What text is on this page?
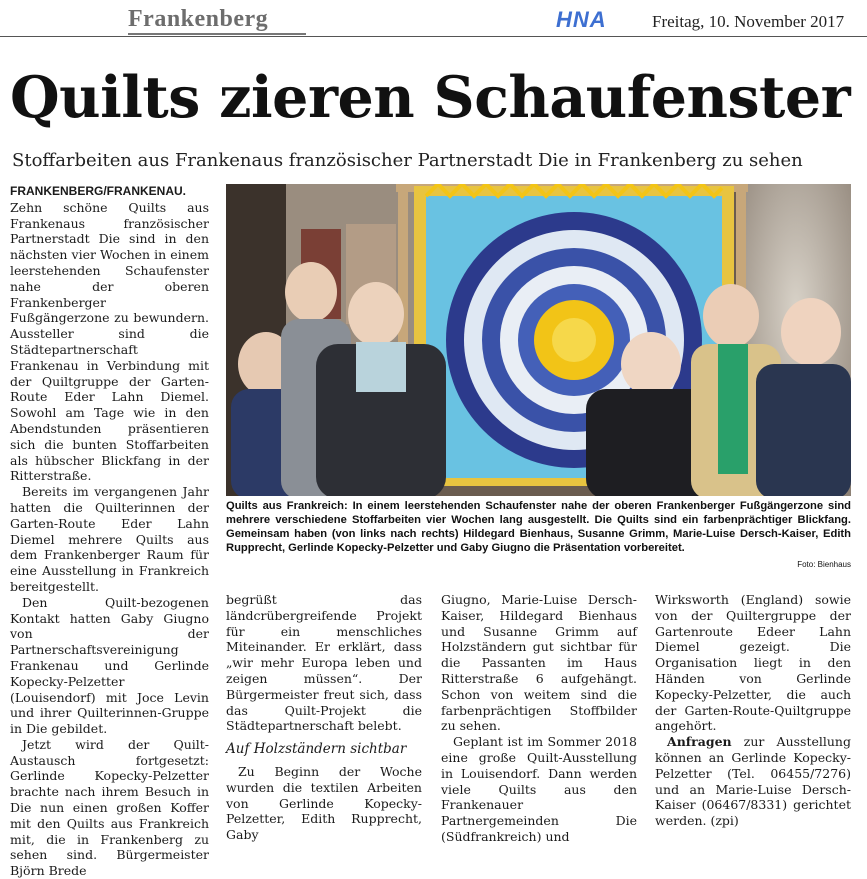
Frankenberg	HNA	Freitag, 10. November 2017
Quilts zieren Schaufenster
Stoffarbeiten aus Frankenaus französischer Partnerstadt Die in Frankenberg zu sehen

FRANKENBERG/FRANKENAU. Zehn schöne Quilts aus Frankenaus französischer Partnerstadt Die sind in den nächsten vier Wochen in einem leerstehenden Schaufenster nahe der oberen Frankenberger Fußgängerzone zu bewundern. Aussteller sind die Städtepartnerschaft Frankenau in Verbindung mit der Quiltgruppe der Garten-Route Eder Lahn Diemel. Sowohl am Tage wie in den Abendstunden präsentieren sich die bunten Stoffarbeiten als hübscher Blickfang in der Ritterstraße.

Bereits im vergangenen Jahr hatten die Quilterinnen der Garten-Route Eder Lahn Diemel mehrere Quilts aus dem Frankenberger Raum für eine Ausstellung in Frankreich bereitgestellt.

Den Quilt-bezogenen Kontakt hatten Gaby Giugno von der Partnerschaftsvereinigung Frankenau und Gerlinde Kopecky-Pelzetter (Louisendorf) mit Joce Levin und ihrer Quilterinnen-Gruppe in Die gebildet.

Jetzt wird der Quilt-Austausch fortgesetzt: Gerlinde Kopecky-Pelzetter brachte nach ihrem Besuch in Die nun einen großen Koffer mit den Quilts aus Frankreich mit, die in Frankenberg zu sehen sind. Bürgermeister Björn Brede

Quilts aus Frankreich: In einem leerstehenden Schaufenster nahe der oberen Frankenberger Fußgängerzone sind mehrere verschiedene Stoffarbeiten vier Wochen lang ausgestellt. Die Quilts sind ein farbenprächtiger Blickfang. Gemeinsam haben (von links nach rechts) Hildegard Bienhaus, Susanne Grimm, Marie-Luise Dersch-Kaiser, Edith Rupprecht, Gerlinde Kopecky-Pelzetter und Gaby Giugno die Präsentation vorbereitet.

Foto: Bienhaus

begrüßt das ländcrübergreifende Projekt für ein menschliches Miteinander. Er erklärt, dass „wir mehr Europa leben und zeigen müssen“. Der Bürgermeister freut sich, dass das Quilt-Projekt die Städtepartnerschaft belebt.

Auf Holzständern sichtbar

Zu Beginn der Woche wurden die textilen Arbeiten von Gerlinde Kopecky-Pelzetter, Edith Rupprecht, Gaby

Giugno, Marie-Luise Dersch-Kaiser, Hildegard Bienhaus und Susanne Grimm auf Holzständern gut sichtbar für die Passanten im Haus Ritterstraße 6 aufgehängt. Schon von weitem sind die farbenprächtigen Stoffbilder zu sehen.

Geplant ist im Sommer 2018 eine große Quilt-Ausstellung in Louisendorf. Dann werden viele Quilts aus den Frankenauer Partnergemeinden Die (Südfrankreich) und

Wirksworth (England) sowie von der Quiltergruppe der Gartenroute Edeer Lahn Diemel gezeigt. Die Organisation liegt in den Händen von Gerlinde Kopecky-Pelzetter, die auch der Garten-Route-Quiltgruppe angehört.

Anfragen zur Ausstellung können an Gerlinde Kopecky-Pelzetter (Tel. 06455/7276) und an Marie-Luise Dersch-Kaiser (06467/8331) gerichtet werden. (zpi)
